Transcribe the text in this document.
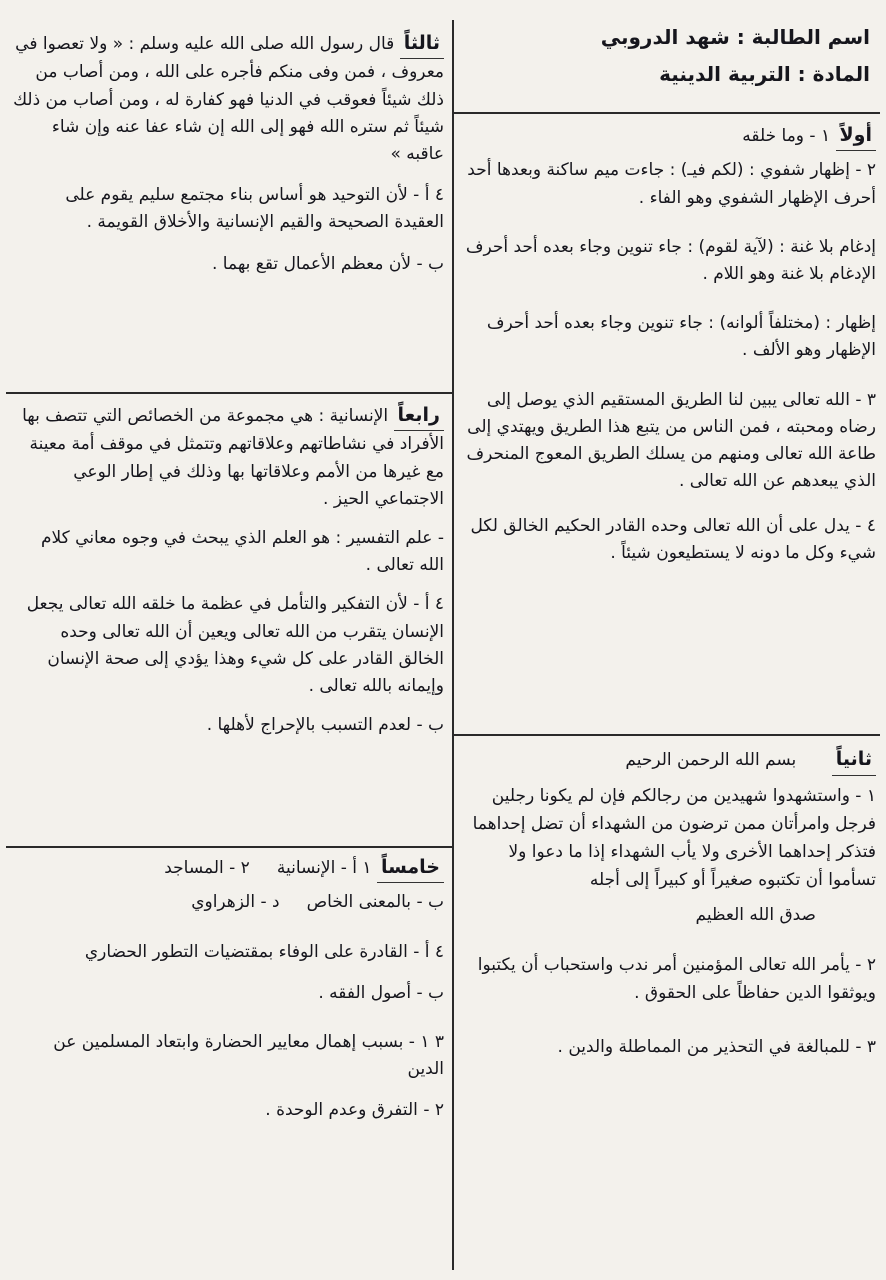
اسم الطالبة : شهد الدروبي

المادة : التربية الدينية

أولاً ١ - وما خلقه

٢ - إظهار شفوي : (لكم فيـ) : جاءت ميم ساكنة وبعدها أحد أحرف الإظهار الشفوي وهو الفاء .

إدغام بلا غنة : (لآية لقوم) : جاء تنوين وجاء بعده أحد أحرف الإدغام بلا غنة وهو اللام .

إظهار : (مختلفاً ألوانه) : جاء تنوين وجاء بعده أحد أحرف الإظهار وهو الألف .

٣ - الله تعالى يبين لنا الطريق المستقيم الذي يوصل إلى رضاه ومحبته ، فمن الناس من يتبع هذا الطريق ويهتدي إلى طاعة الله تعالى ومنهم من يسلك الطريق المعوج المنحرف الذي يبعدهم عن الله تعالى .

٤ - يدل على أن الله تعالى وحده القادر الحكيم الخالق لكل شيء وكل ما دونه لا يستطيعون شيئاً .

ثانياً بسم الله الرحمن الرحيم

١ - واستشهدوا شهيدين من رجالكم فإن لم يكونا رجلين فرجل وامرأتان ممن ترضون من الشهداء أن تضل إحداهما فتذكر إحداهما الأخرى ولا يأب الشهداء إذا ما دعوا ولا تسأموا أن تكتبوه صغيراً أو كبيراً إلى أجله

صدق الله العظيم

٢ - يأمر الله تعالى المؤمنين أمر ندب واستحباب أن يكتبوا ويوثقوا الدين حفاظاً على الحقوق .

٣ - للمبالغة في التحذير من المماطلة والدين .

ثالثاً قال رسول الله صلى الله عليه وسلم : « ولا تعصوا في معروف ، فمن وفى منكم فأجره على الله ، ومن أصاب من ذلك شيئاً فعوقب في الدنيا فهو كفارة له ، ومن أصاب من ذلك شيئاً ثم ستره الله فهو إلى الله إن شاء عفا عنه وإن شاء عاقبه »

٤ أ - لأن التوحيد هو أساس بناء مجتمع سليم يقوم على العقيدة الصحيحة والقيم الإنسانية والأخلاق القويمة .

ب - لأن معظم الأعمال تقع بهما .

رابعاً الإنسانية : هي مجموعة من الخصائص التي تتصف بها الأفراد في نشاطاتهم وعلاقاتهم وتتمثل في موقف أمة معينة مع غيرها من الأمم وعلاقاتها بها وذلك في إطار الوعي الاجتماعي الحيز .

- علم التفسير : هو العلم الذي يبحث في وجوه معاني كلام الله تعالى .

٤ أ - لأن التفكير والتأمل في عظمة ما خلقه الله تعالى يجعل الإنسان يتقرب من الله تعالى ويعين أن الله تعالى وحده الخالق القادر على كل شيء وهذا يؤدي إلى صحة الإنسان وإيمانه بالله تعالى .

ب - لعدم التسبب بالإحراج لأهلها .

خامساً ١ أ - الإنسانية     ٢ - المساجد

ب - بالمعنى الخاص     د - الزهراوي

٤ أ - القادرة على الوفاء بمقتضيات التطور الحضاري

ب - أصول الفقه .

٣ ١ - بسبب إهمال معايير الحضارة وابتعاد المسلمين عن الدين

٢ - التفرق وعدم الوحدة .
